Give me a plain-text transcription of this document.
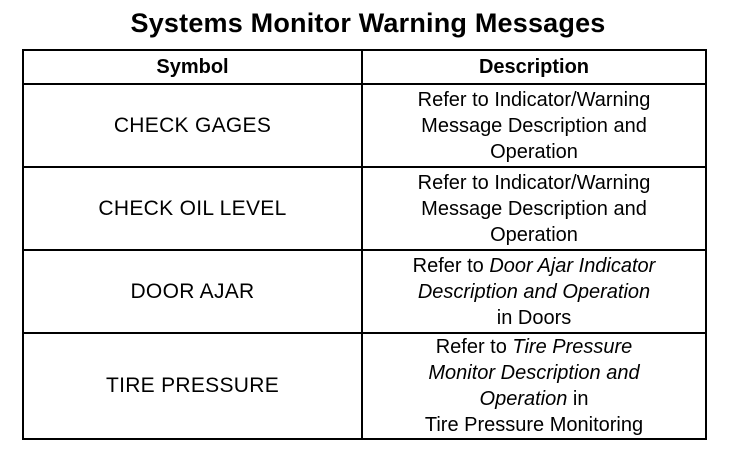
Systems Monitor Warning Messages
Symbol	Description
CHECK GAGES	Refer to Indicator/Warning
Message Description and
Operation

CHECK OIL LEVEL	Refer to Indicator/Warning
Message Description and
Operation

DOOR AJAR	Refer to Door Ajar Indicator
Description and Operation
in Doors

TIRE PRESSURE	Refer to Tire Pressure
Monitor Description and
Operation in
Tire Pressure Monitoring
